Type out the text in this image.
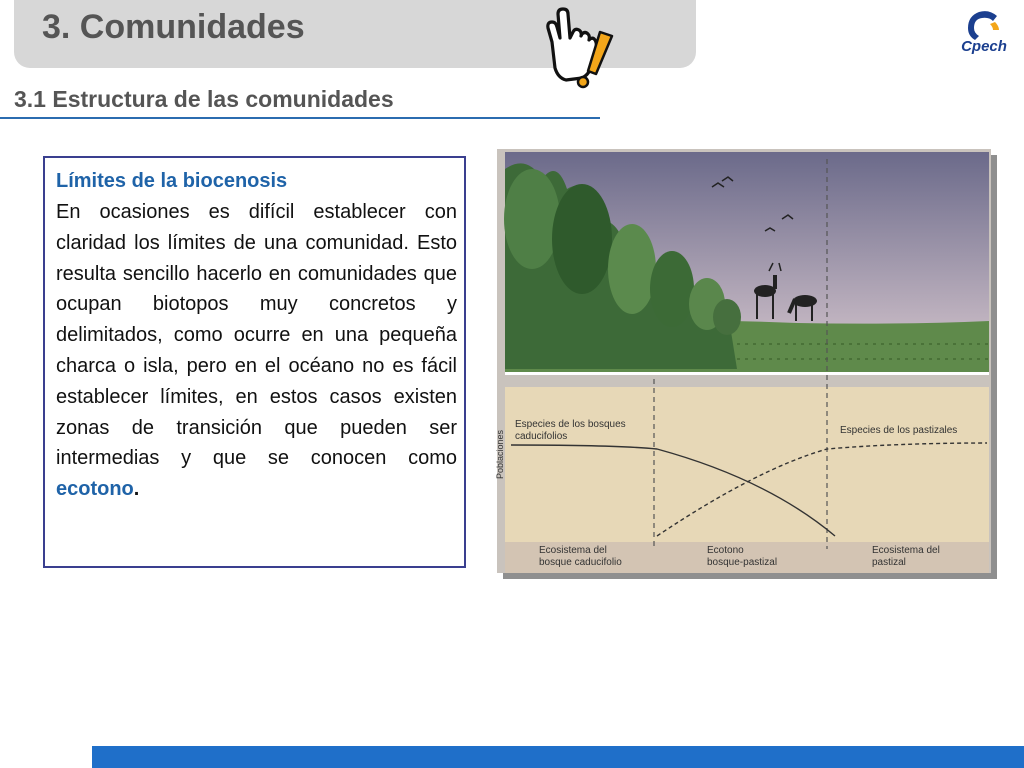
3. Comunidades
Cpech
3.1 Estructura de las comunidades

Límites de la biocenosis

En ocasiones es difícil establecer con claridad los límites de una comunidad. Esto resulta sencillo hacerlo en comunidades que ocupan biotopos muy concretos y delimitados, como ocurre en una pequeña charca o isla, pero en el océano no es fácil establecer límites, en estos casos existen zonas de transición que pueden ser intermedias y que se conocen como ecotono.

Poblaciones
Especies de los bosques
caducifolios
Especies de los pastizales
Ecosistema del
bosque caducifolio
Ecotono
bosque-pastizal
Ecosistema del
pastizal
